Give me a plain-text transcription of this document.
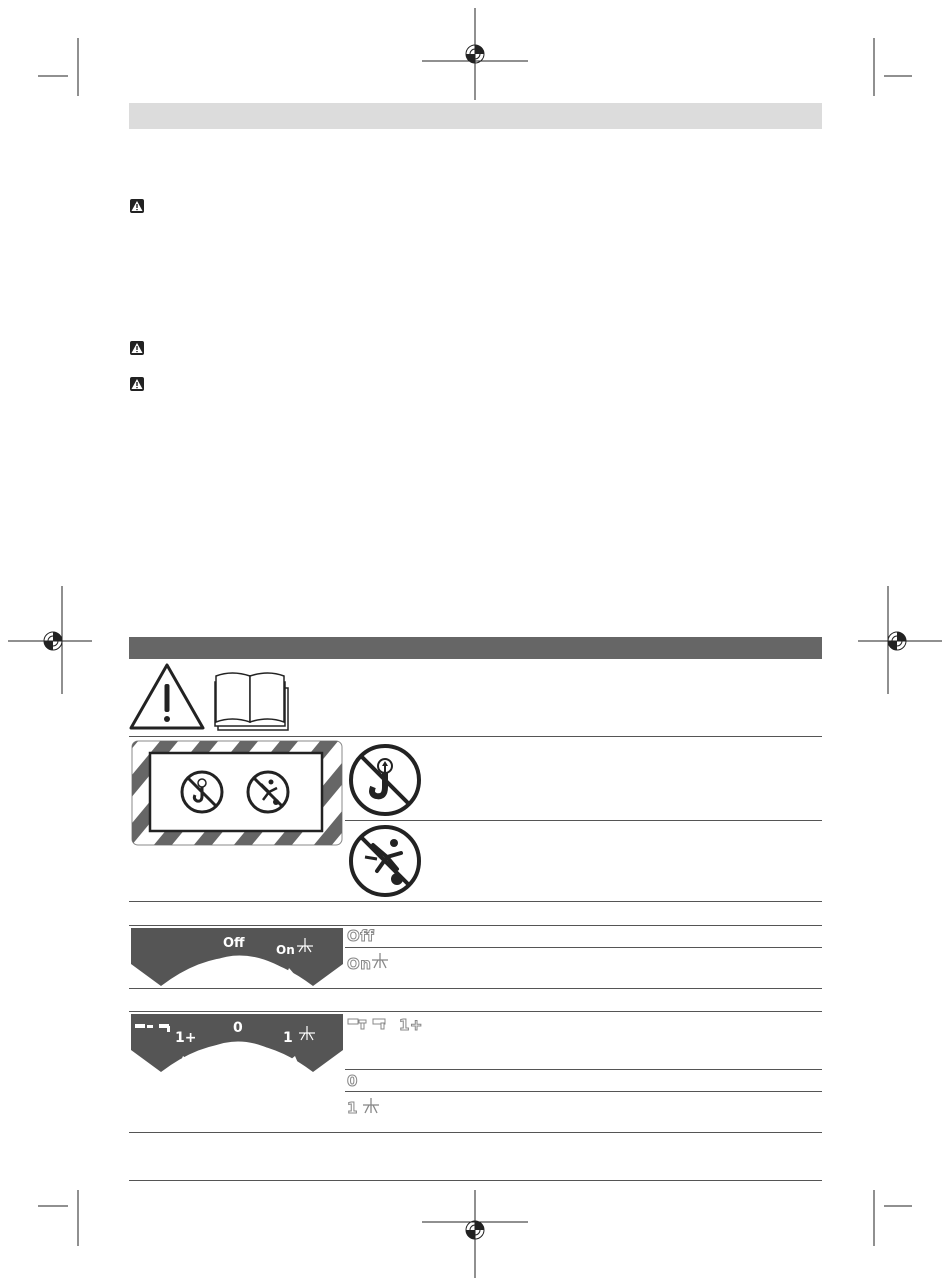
Off	On
Off
On
1+
0
1
1+
0
1
